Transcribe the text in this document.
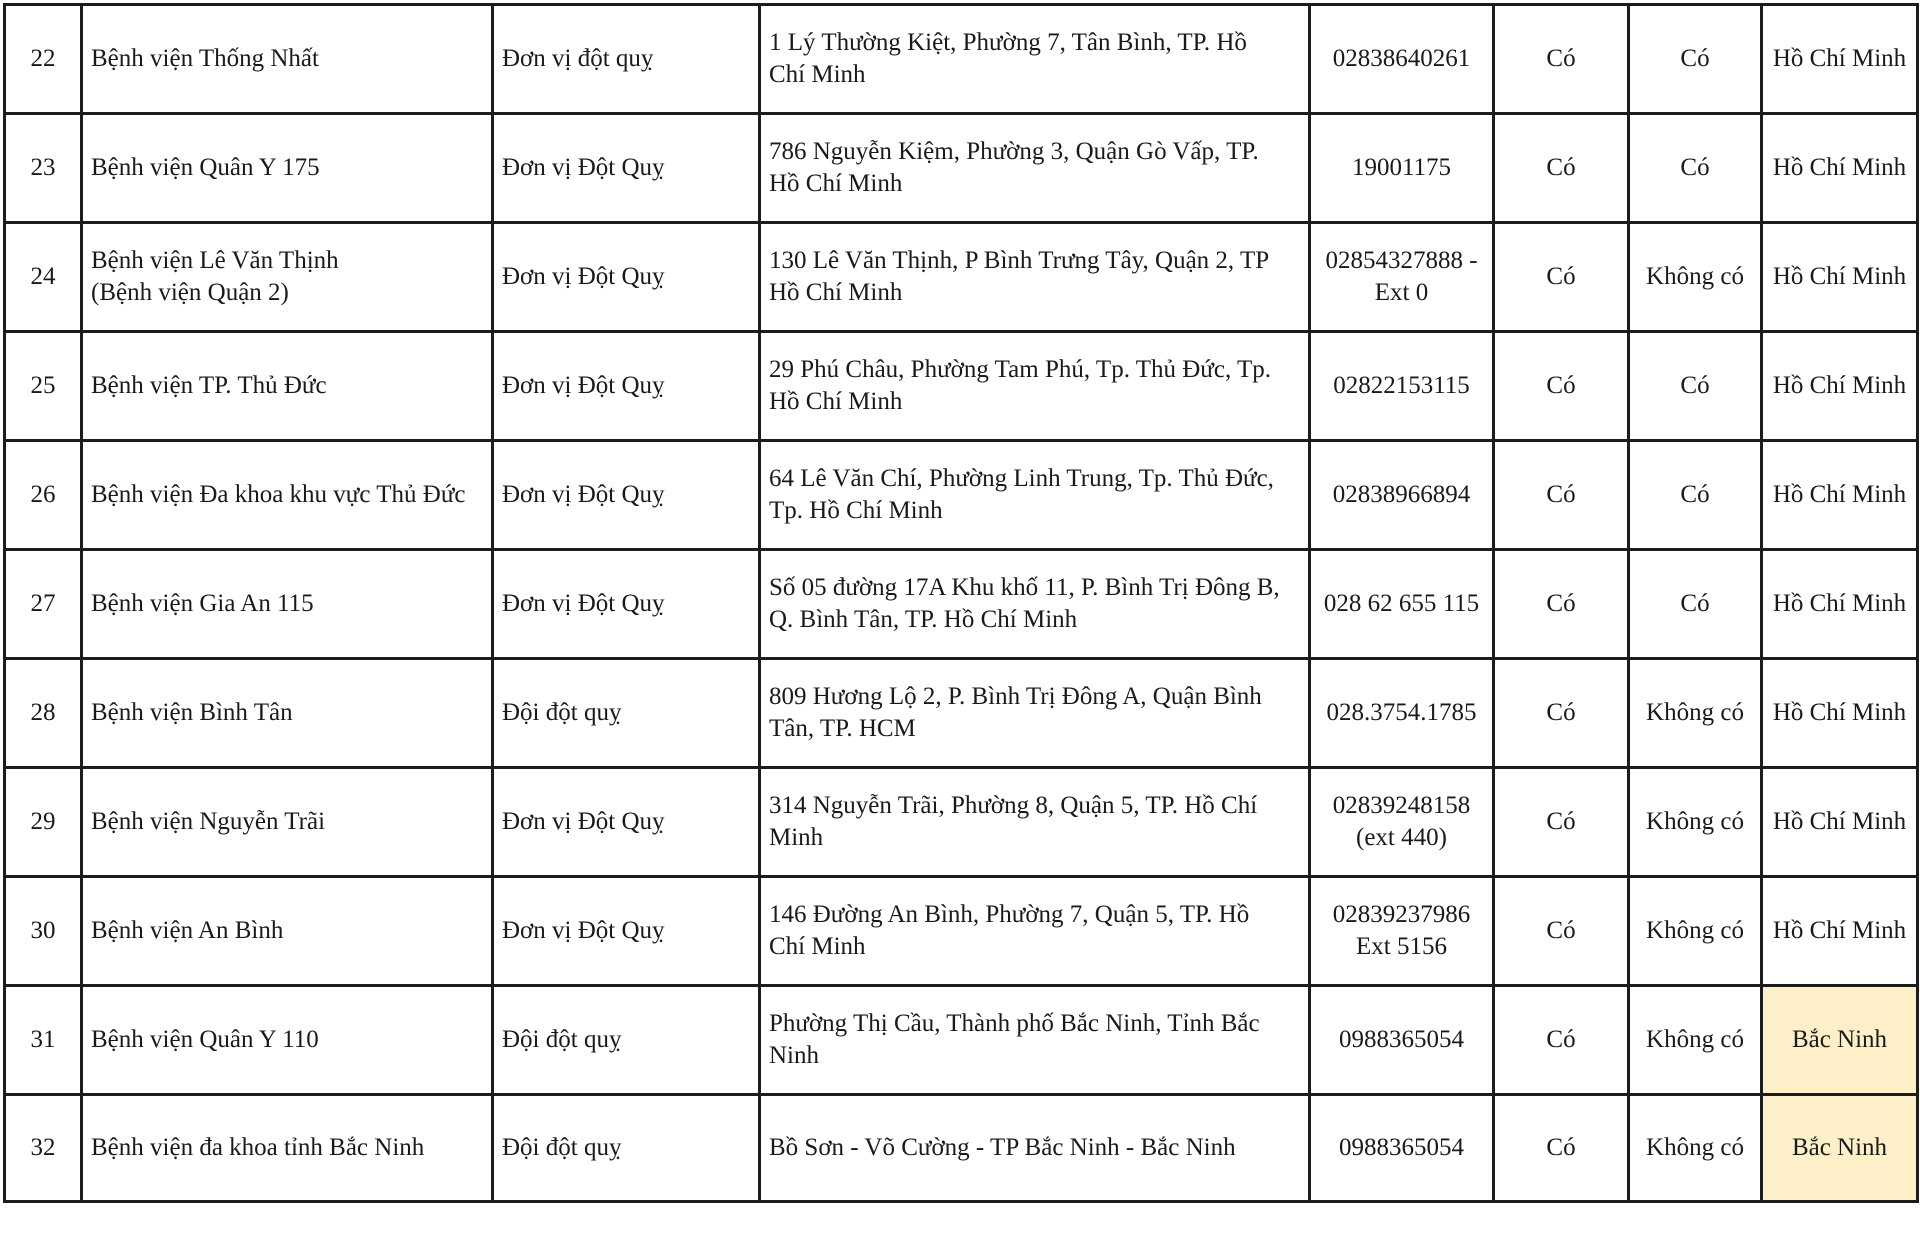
22	Bệnh viện Thống Nhất	Đơn vị đột quỵ	1 Lý Thường Kiệt, Phường 7, Tân Bình, TP. Hồ
Chí Minh	02838640261	Có	Có	Hồ Chí Minh
23	Bệnh viện Quân Y 175	Đơn vị Đột Quỵ	786 Nguyễn Kiệm, Phường 3, Quận Gò Vấp, TP.
Hồ Chí Minh	19001175	Có	Có	Hồ Chí Minh
24	Bệnh viện Lê Văn Thịnh
(Bệnh viện Quận 2)	Đơn vị Đột Quỵ	130 Lê Văn Thịnh, P Bình Trưng Tây, Quận 2, TP
Hồ Chí Minh	02854327888 -
Ext 0	Có	Không có	Hồ Chí Minh
25	Bệnh viện TP. Thủ Đức	Đơn vị Đột Quỵ	29 Phú Châu, Phường Tam Phú, Tp. Thủ Đức, Tp.
Hồ Chí Minh	02822153115	Có	Có	Hồ Chí Minh
26	Bệnh viện Đa khoa khu vực Thủ Đức	Đơn vị Đột Quỵ	64 Lê Văn Chí, Phường Linh Trung, Tp. Thủ Đức,
Tp. Hồ Chí Minh	02838966894	Có	Có	Hồ Chí Minh
27	Bệnh viện Gia An 115	Đơn vị Đột Quỵ	Số 05 đường 17A Khu khố 11, P. Bình Trị Đông B,
Q. Bình Tân, TP. Hồ Chí Minh	028 62 655 115	Có	Có	Hồ Chí Minh
28	Bệnh viện Bình Tân	Đội đột quỵ	809 Hương Lộ 2, P. Bình Trị Đông A, Quận Bình
Tân, TP. HCM	028.3754.1785	Có	Không có	Hồ Chí Minh
29	Bệnh viện Nguyễn Trãi	Đơn vị Đột Quỵ	314 Nguyễn Trãi, Phường 8, Quận 5, TP. Hồ Chí
Minh	02839248158
(ext 440)	Có	Không có	Hồ Chí Minh
30	Bệnh viện An Bình	Đơn vị Đột Quỵ	146 Đường An Bình, Phường 7, Quận 5, TP. Hồ
Chí Minh	02839237986
Ext 5156	Có	Không có	Hồ Chí Minh
31	Bệnh viện Quân Y 110	Đội đột quỵ	Phường Thị Cầu, Thành phố Bắc Ninh, Tỉnh Bắc
Ninh	0988365054	Có	Không có	Bắc Ninh
32	Bệnh viện đa khoa tỉnh Bắc Ninh	Đội đột quỵ	Bồ Sơn - Võ Cường - TP Bắc Ninh - Bắc Ninh	0988365054	Có	Không có	Bắc Ninh
